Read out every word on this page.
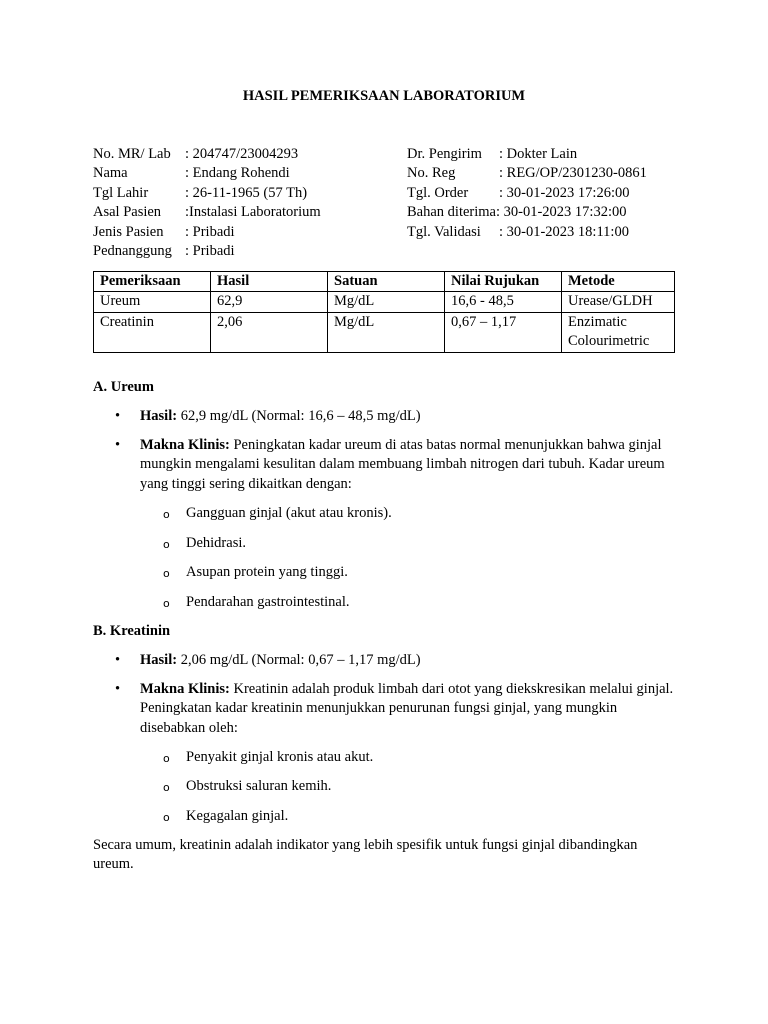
HASIL PEMERIKSAAN LABORATORIUM
No. MR/ Lab : 204747/23004293
Nama	: Endang Rohendi
Tgl Lahir	: 26-11-1965 (57 Th)
Asal Pasien	:Instalasi Laboratorium
Jenis Pasien	: Pribadi
Pednanggung : Pribadi
Dr. Pengirim	: Dokter Lain
No. Reg	: REG/OP/2301230-0861
Tgl. Order	: 30-01-2023 17:26:00
Bahan diterima : 30-01-2023 17:32:00
Tgl. Validasi	: 30-01-2023 18:11:00
Pemeriksaan	Hasil	Satuan	Nilai Rujukan	Metode
Ureum	62,9	Mg/dL	16,6 - 48,5	Urease/GLDH
Creatinin	2,06	Mg/dL	0,67 – 1,17	Enzimatic
Colourimetric
A. Ureum
• Hasil: 62,9 mg/dL (Normal: 16,6 – 48,5 mg/dL)
• Makna Klinis: Peningkatan kadar ureum di atas batas normal menunjukkan bahwa ginjal mungkin mengalami kesulitan dalam membuang limbah nitrogen dari tubuh. Kadar ureum yang tinggi sering dikaitkan dengan:
o Gangguan ginjal (akut atau kronis).
o Dehidrasi.
o Asupan protein yang tinggi.
o Pendarahan gastrointestinal.
B. Kreatinin
• Hasil: 2,06 mg/dL (Normal: 0,67 – 1,17 mg/dL)
• Makna Klinis: Kreatinin adalah produk limbah dari otot yang diekskresikan melalui ginjal. Peningkatan kadar kreatinin menunjukkan penurunan fungsi ginjal, yang mungkin disebabkan oleh:
o Penyakit ginjal kronis atau akut.
o Obstruksi saluran kemih.
o Kegagalan ginjal.
Secara umum, kreatinin adalah indikator yang lebih spesifik untuk fungsi ginjal dibandingkan ureum.
